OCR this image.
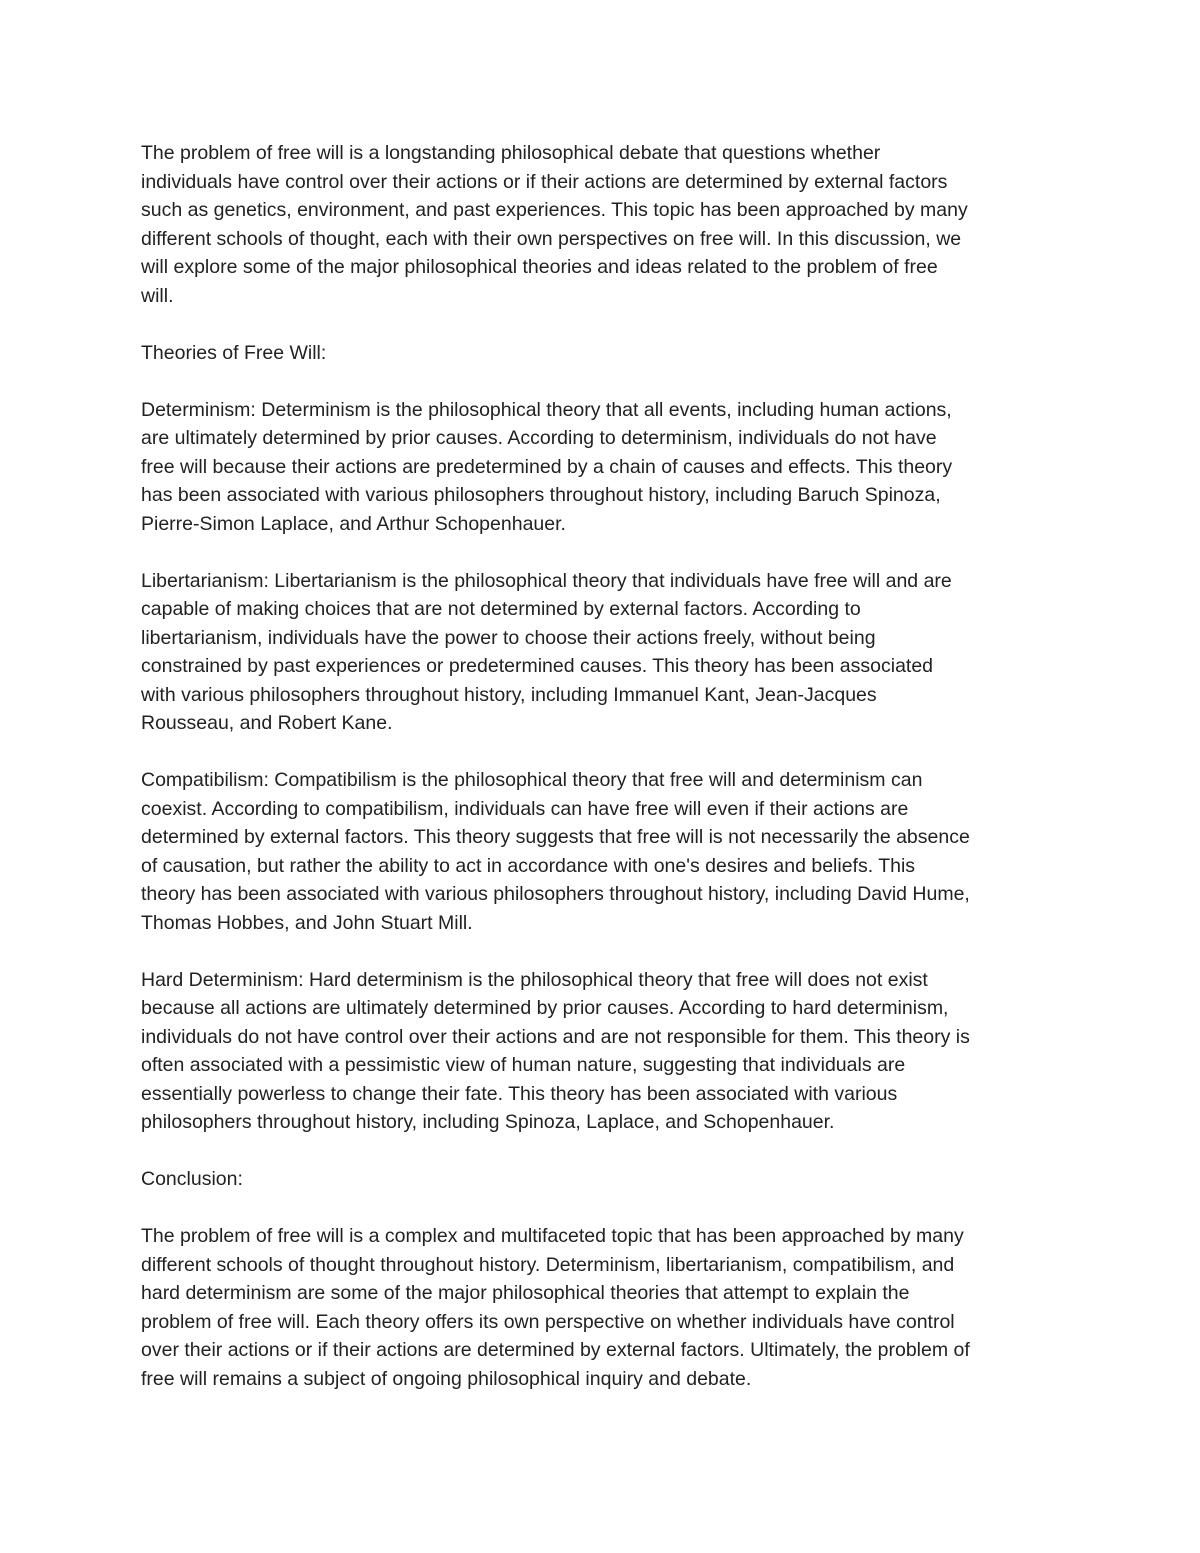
The problem of free will is a longstanding philosophical debate that questions whether
individuals have control over their actions or if their actions are determined by external factors
such as genetics, environment, and past experiences. This topic has been approached by many
different schools of thought, each with their own perspectives on free will. In this discussion, we
will explore some of the major philosophical theories and ideas related to the problem of free
will.

Theories of Free Will:

Determinism: Determinism is the philosophical theory that all events, including human actions,
are ultimately determined by prior causes. According to determinism, individuals do not have
free will because their actions are predetermined by a chain of causes and effects. This theory
has been associated with various philosophers throughout history, including Baruch Spinoza,
Pierre-Simon Laplace, and Arthur Schopenhauer.

Libertarianism: Libertarianism is the philosophical theory that individuals have free will and are
capable of making choices that are not determined by external factors. According to
libertarianism, individuals have the power to choose their actions freely, without being
constrained by past experiences or predetermined causes. This theory has been associated
with various philosophers throughout history, including Immanuel Kant, Jean-Jacques
Rousseau, and Robert Kane.

Compatibilism: Compatibilism is the philosophical theory that free will and determinism can
coexist. According to compatibilism, individuals can have free will even if their actions are
determined by external factors. This theory suggests that free will is not necessarily the absence
of causation, but rather the ability to act in accordance with one's desires and beliefs. This
theory has been associated with various philosophers throughout history, including David Hume,
Thomas Hobbes, and John Stuart Mill.

Hard Determinism: Hard determinism is the philosophical theory that free will does not exist
because all actions are ultimately determined by prior causes. According to hard determinism,
individuals do not have control over their actions and are not responsible for them. This theory is
often associated with a pessimistic view of human nature, suggesting that individuals are
essentially powerless to change their fate. This theory has been associated with various
philosophers throughout history, including Spinoza, Laplace, and Schopenhauer.

Conclusion:

The problem of free will is a complex and multifaceted topic that has been approached by many
different schools of thought throughout history. Determinism, libertarianism, compatibilism, and
hard determinism are some of the major philosophical theories that attempt to explain the
problem of free will. Each theory offers its own perspective on whether individuals have control
over their actions or if their actions are determined by external factors. Ultimately, the problem of
free will remains a subject of ongoing philosophical inquiry and debate.
